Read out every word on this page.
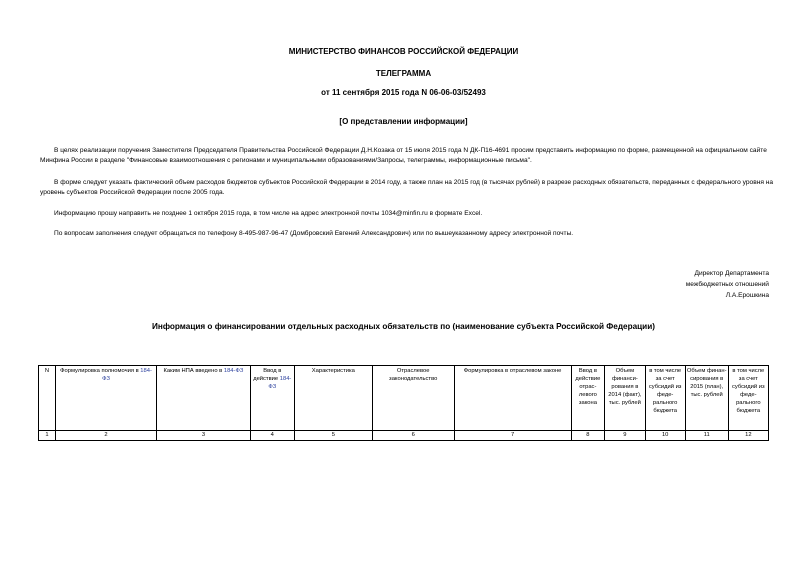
МИНИСТЕРСТВО ФИНАНСОВ РОССИЙСКОЙ ФЕДЕРАЦИИ
ТЕЛЕГРАММА
от 11 сентября 2015 года N 06-06-03/52493
[О представлении информации]
В целях реализации поручения Заместителя Председателя Правительства Российской Федерации Д.Н.Козака от 15 июля 2015 года N ДК-П16-4691 просим представить информацию по форме, размещенной на официальном сайте Минфина России в разделе "Финансовые взаимоотношения с регионами и муниципальными образованиями/Запросы, телеграммы, информационные письма".
В форме следует указать фактический объем расходов бюджетов субъектов Российской Федерации в 2014 году, а также план на 2015 год (в тысячах рублей) в разрезе расходных обязательств, переданных с федерального уровня на уровень субъектов Российской Федерации после 2005 года.
Информацию прошу направить не позднее 1 октября 2015 года, в том числе на адрес электронной почты 1034@minfin.ru в формате Excel.
По вопросам заполнения следует обращаться по телефону 8-495-987-96-47 (Домбровский Евгений Александрович) или по вышеуказанному адресу электронной почты.
Директор Департамента
межбюджетных отношений
Л.А.Ерошкина
Информация о финансировании отдельных расходных обязательств по (наименование субъекта Российской Федерации)
N	Формулировка полномочия в 184-ФЗ	Каким НПА введено в 184-ФЗ	Ввод в действие 184-ФЗ	Характеристика	Отраслевое законодательство	Формулировка в отраслевом законе	Ввод в действие отрас-левого закона	Объем финанси-рования в 2014 (факт), тыс. рублей	в том числе за счет субсидий из феде-рального бюджета	Объем финан-сирования в 2015 (план), тыс. рублей	в том числе за счет субсидий из феде-рального бюджета
1	2	3	4	5	6	7	8	9	10	11	12
